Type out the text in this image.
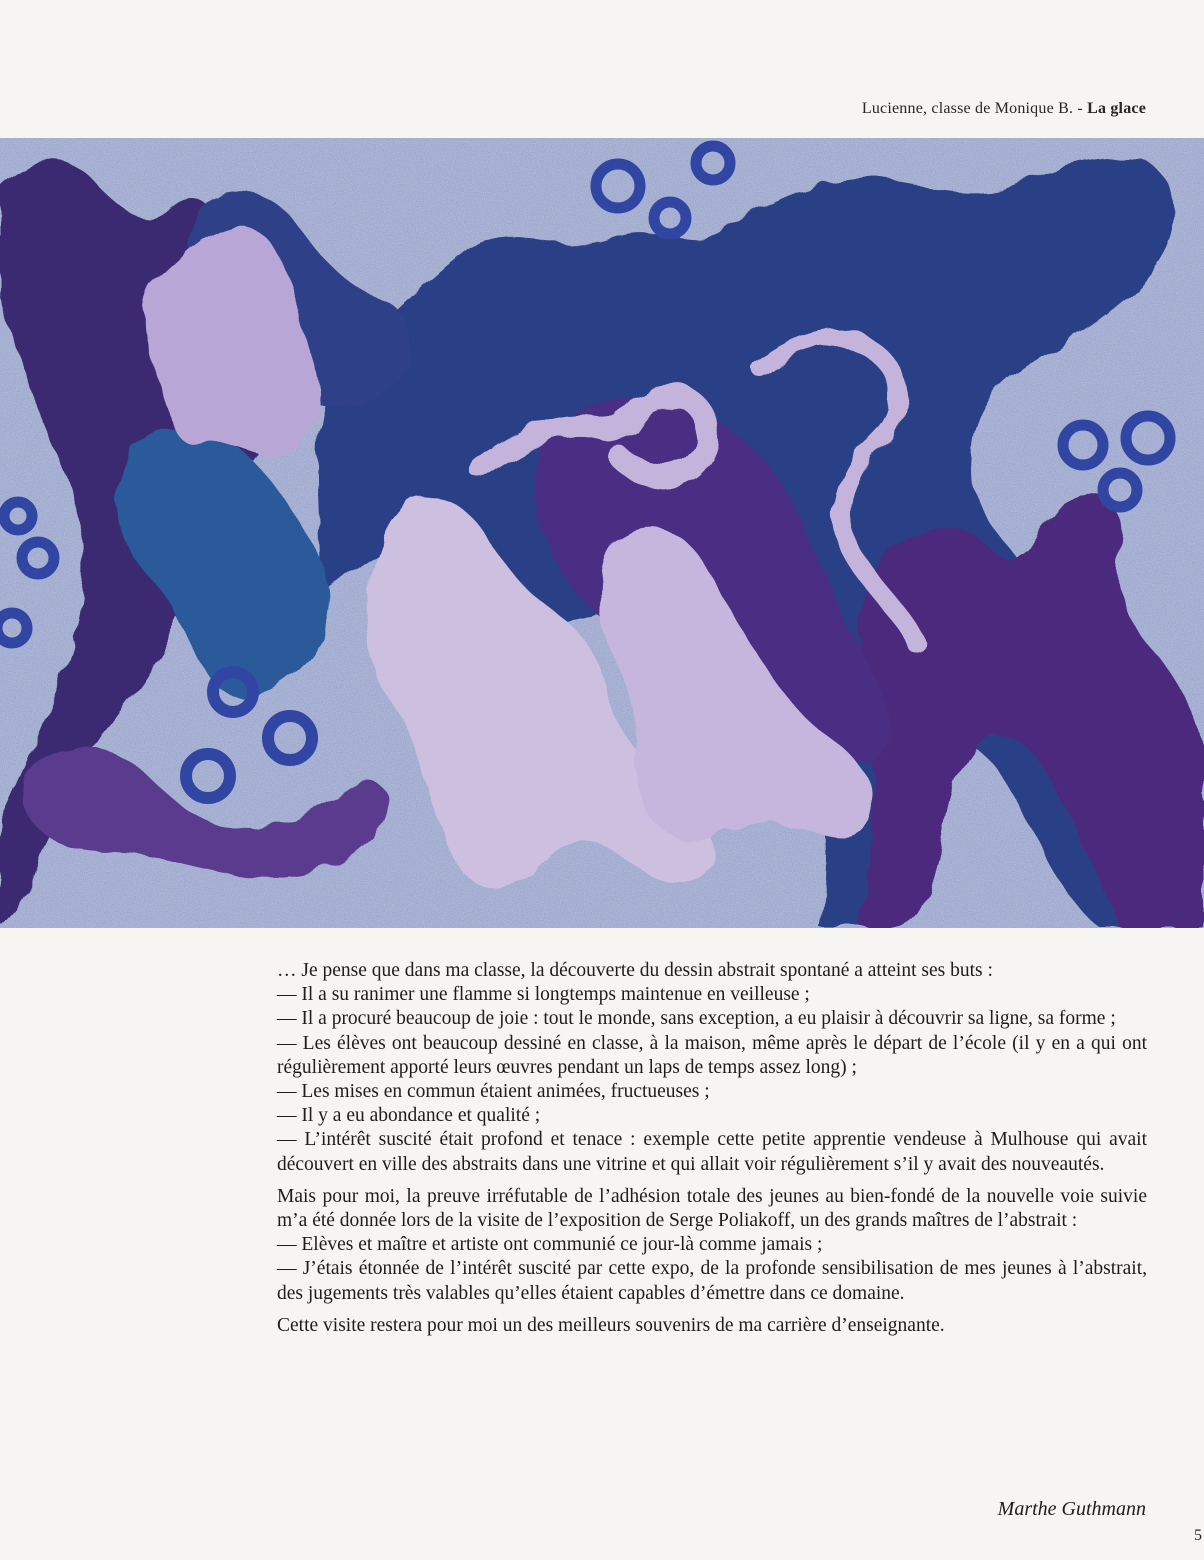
Lucienne, classe de Monique B. - La glace

… Je pense que dans ma classe, la découverte du dessin abstrait spontané a atteint ses buts :

— Il a su ranimer une flamme si longtemps maintenue en veilleuse ;

— Il a procuré beaucoup de joie : tout le monde, sans exception, a eu plaisir à découvrir sa ligne, sa forme ;

— Les élèves ont beaucoup dessiné en classe, à la maison, même après le départ de l’école (il y en a qui ont régulièrement apporté leurs œuvres pendant un laps de temps assez long) ;

— Les mises en commun étaient animées, fructueuses ;

— Il y a eu abondance et qualité ;

— L’intérêt suscité était profond et tenace : exemple cette petite apprentie vendeuse à Mulhouse qui avait découvert en ville des abstraits dans une vitrine et qui allait voir régulièrement s’il y avait des nouveautés.

Mais pour moi, la preuve irréfutable de l’adhésion totale des jeunes au bien-fondé de la nouvelle voie suivie m’a été donnée lors de la visite de l’exposition de Serge Poliakoff, un des grands maîtres de l’abstrait :

— Elèves et maître et artiste ont communié ce jour-là comme jamais ;

— J’étais étonnée de l’intérêt suscité par cette expo, de la profonde sensibilisation de mes jeunes à l’abstrait, des jugements très valables qu’elles étaient capables d’émettre dans ce domaine.

Cette visite restera pour moi un des meilleurs souvenirs de ma carrière d’enseignante.

Marthe Guthmann
5
